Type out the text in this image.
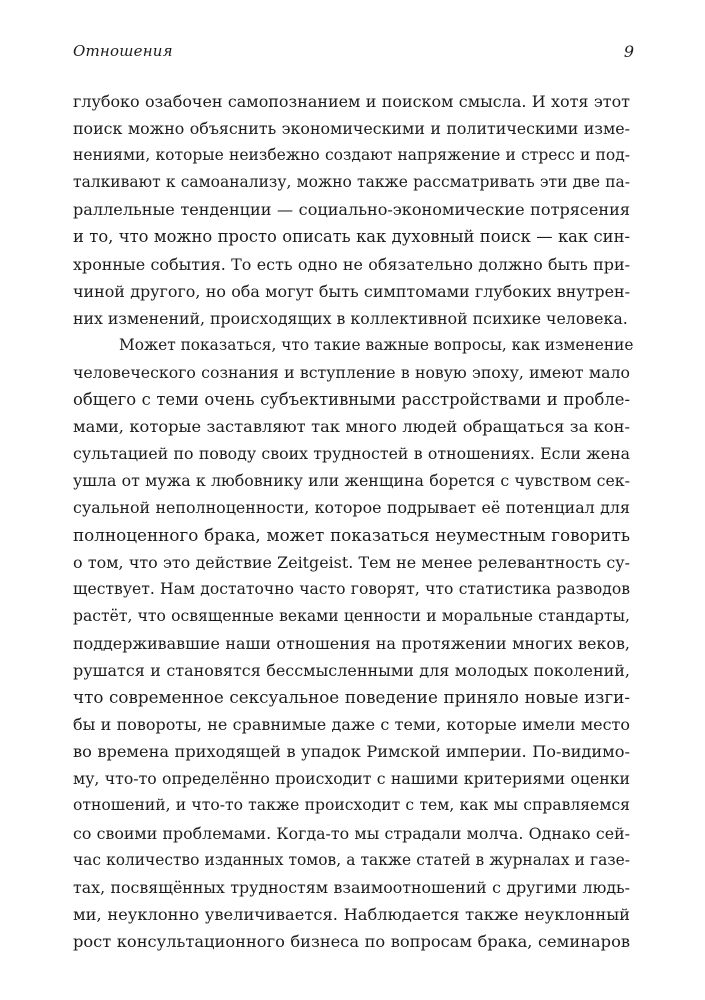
Отношения	9
глубоко озабочен самопознанием и поиском смысла. И хотя этот
поиск можно объяснить экономическими и политическими изме-
нениями, которые неизбежно создают напряжение и стресс и под-
талкивают к самоанализу, можно также рассматривать эти две па-
раллельные тенденции — социально-экономические потрясения
и то, что можно просто описать как духовный поиск — как син-
хронные события. То есть одно не обязательно должно быть при-
чиной другого, но оба могут быть симптомами глубоких внутрен-
них изменений, происходящих в коллективной психике человека.
Может показаться, что такие важные вопросы, как изменение
человеческого сознания и вступление в новую эпоху, имеют мало
общего с теми очень субъективными расстройствами и пробле-
мами, которые заставляют так много людей обращаться за кон-
сультацией по поводу своих трудностей в отношениях. Если жена
ушла от мужа к любовнику или женщина борется с чувством сек-
суальной неполноценности, которое подрывает её потенциал для
полноценного брака, может показаться неуместным говорить
о том, что это действие Zeitgeist. Тем не менее релевантность су-
ществует. Нам достаточно часто говорят, что статистика разводов
растёт, что освященные веками ценности и моральные стандарты,
поддерживавшие наши отношения на протяжении многих веков,
рушатся и становятся бессмысленными для молодых поколений,
что современное сексуальное поведение приняло новые изги-
бы и повороты, не сравнимые даже с теми, которые имели место
во времена приходящей в упадок Римской империи. По-видимо-
му, что-то определённо происходит с нашими критериями оценки
отношений, и что-то также происходит с тем, как мы справляемся
со своими проблемами. Когда-то мы страдали молча. Однако сей-
час количество изданных томов, а также статей в журналах и газе-
тах, посвящённых трудностям взаимоотношений с другими людь-
ми, неуклонно увеличивается. Наблюдается также неуклонный
рост консультационного бизнеса по вопросам брака, семинаров
